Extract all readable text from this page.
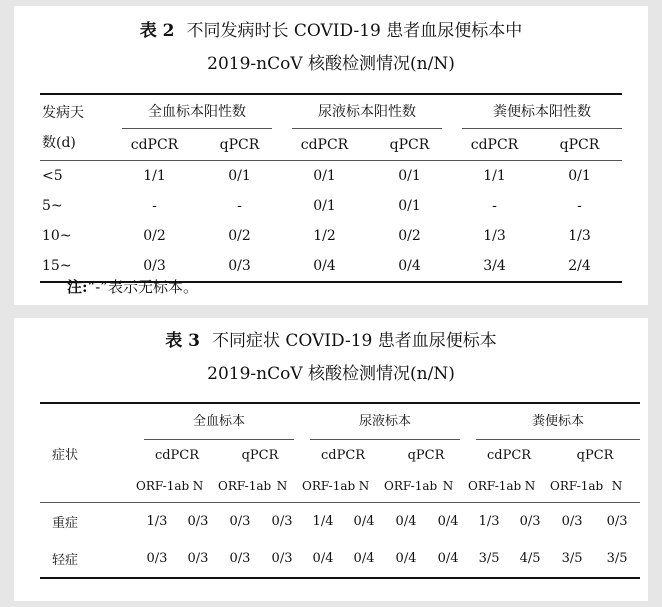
表 2 不同发病时长 COVID-19 患者血尿便标本中
2019-nCoV 核酸检测情况(n/N)
发病天
数(d)	全血标本阳性数		尿液标本阳性数		粪便标本阳性数	

	cdPCR	qPCR	cdPCR	qPCR	cdPCR	qPCR
<5	1/1	0/1	0/1	0/1	1/1	0/1
5~	-	-	0/1	0/1	-	-
10~	0/2	0/2	1/2	0/2	1/3	1/3
15~	0/3	0/3	0/4	0/4	3/4	2/4
注:“-”表示无标本。
表 3 不同症状 COVID-19 患者血尿便标本
2019-nCoV 核酸检测情况(n/N)
症状	全血标本				尿液标本				粪便标本			

	cdPCR		qPCR		cdPCR		qPCR		cdPCR		qPCR	
	ORF-1ab	N	ORF-1ab	N	ORF-1ab	N	ORF-1ab	N	ORF-1ab	N	ORF-1ab	N
重症	1/3	0/3	0/3	0/3	1/4	0/4	0/4	0/4	1/3	0/3	0/3	0/3
轻症	0/3	0/3	0/3	0/3	0/4	0/4	0/4	0/4	3/5	4/5	3/5	3/5
